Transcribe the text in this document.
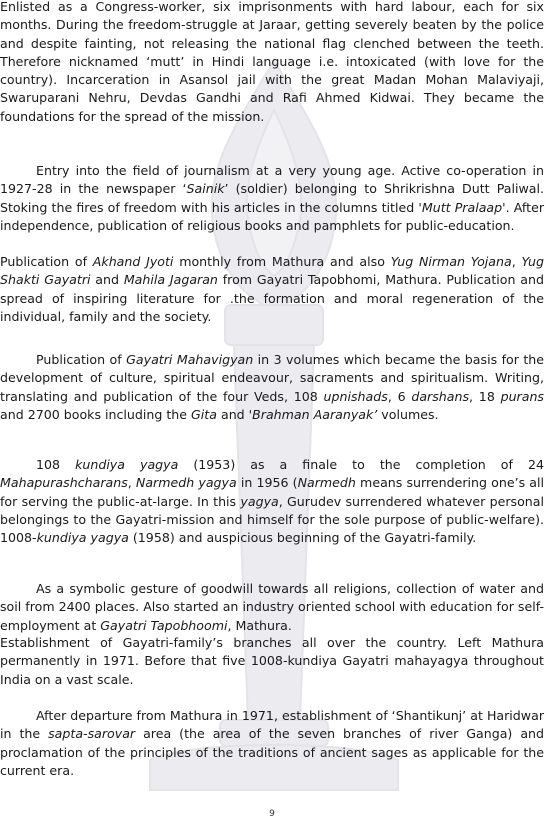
Enlisted as a Congress-worker, six imprisonments with hard labour, each for six months. During the freedom-struggle at Jaraar, getting severely beaten by the police and despite fainting, not releasing the national flag clenched between the teeth. Therefore nicknamed ‘mutt’ in Hindi language i.e. intoxicated (with love for the country). Incarceration in Asansol jail with the great Madan Mohan Malaviyaji, Swaruparani Nehru, Devdas Gandhi and Rafi Ahmed Kidwai. They became the foundations for the spread of the mission.

Entry into the field of journalism at a very young age. Active co-operation in 1927-28 in the newspaper ‘Sainik’ (soldier) belonging to Shrikrishna Dutt Paliwal. Stoking the fires of freedom with his articles in the columns titled 'Mutt Pralaap'. After independence, publication of religious books and pamphlets for public-education.

Publication of Akhand Jyoti monthly from Mathura and also Yug Nirman Yojana, Yug Shakti Gayatri and Mahila Jagaran from Gayatri Tapobhomi, Mathura. Publication and spread of inspiring literature for .the formation and moral regeneration of the individual, family and the society.

Publication of Gayatri Mahavigyan in 3 volumes which became the basis for the development of culture, spiritual endeavour, sacraments and spiritualism. Writing, translating and publication of the four Veds, 108 upnishads, 6 darshans, 18 purans and 2700 books including the Gita and 'Brahman Aaranyak’ volumes.

108 kundiya yagya (1953) as a finale to the completion of 24 Mahapurashcharans, Narmedh yagya in 1956 (Narmedh means surrendering one’s all for serving the public-at-large. In this yagya, Gurudev surrendered whatever personal belongings to the Gayatri-mission and himself for the sole purpose of public-welfare). 1008-kundiya yagya (1958) and auspicious beginning of the Gayatri-family.

As a symbolic gesture of goodwill towards all religions, collection of water and soil from 2400 places. Also started an industry oriented school with education for self-employment at Gayatri Tapobhoomi, Mathura.

Establishment of Gayatri-family’s branches all over the country. Left Mathura permanently in 1971. Before that five 1008-kundiya Gayatri mahayagya throughout India on a vast scale.

After departure from Mathura in 1971, establishment of ‘Shantikunj’ at Haridwar in the sapta-sarovar area (the area of the seven branches of river Ganga) and proclamation of the principles of the traditions of ancient sages as applicable for the current era.

9
